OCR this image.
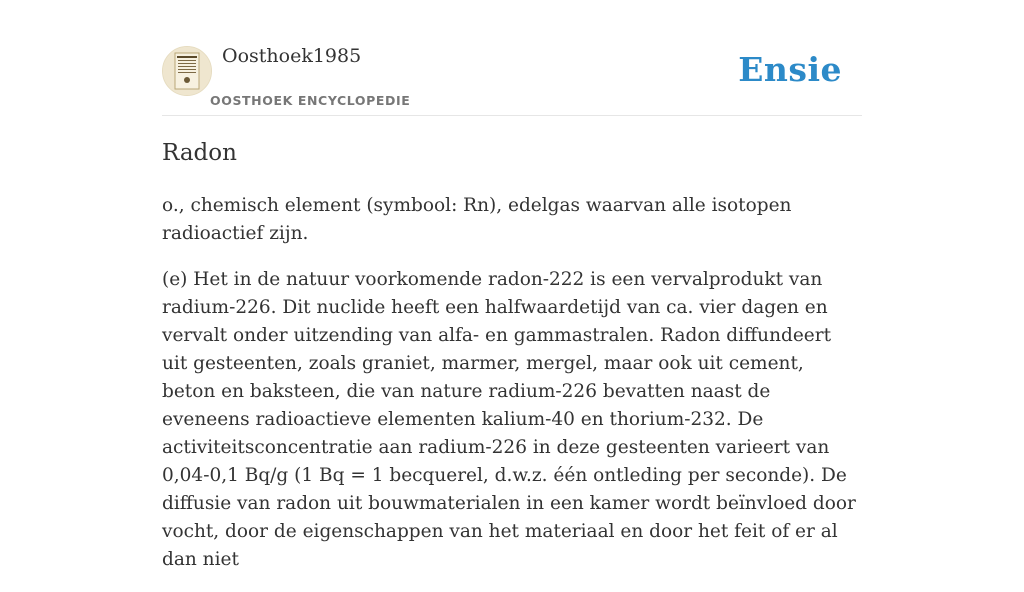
Oosthoek1985
OOSTHOEK ENCYCLOPEDIE
Ensie
Radon

o., chemisch element (symbool: Rn), edelgas waarvan alle isotopen radioactief zijn.

(e) Het in de natuur voorkomende radon-222 is een vervalprodukt van radium-226. Dit nuclide heeft een halfwaardetijd van ca. vier dagen en vervalt onder uitzending van alfa- en gammastralen. Radon diffundeert uit gesteenten, zoals graniet, marmer, mergel, maar ook uit cement, beton en baksteen, die van nature radium-226 bevatten naast de eveneens radioactieve elementen kalium-40 en thorium-232. De activiteitsconcentratie aan radium-226 in deze gesteenten varieert van 0,04-0,1 Bq/g (1 Bq = 1 becquerel, d.w.z. één ontleding per seconde). De diffusie van radon uit bouwmaterialen in een kamer wordt beïnvloed door vocht, door de eigenschappen van het materiaal en door het feit of er al dan niet
